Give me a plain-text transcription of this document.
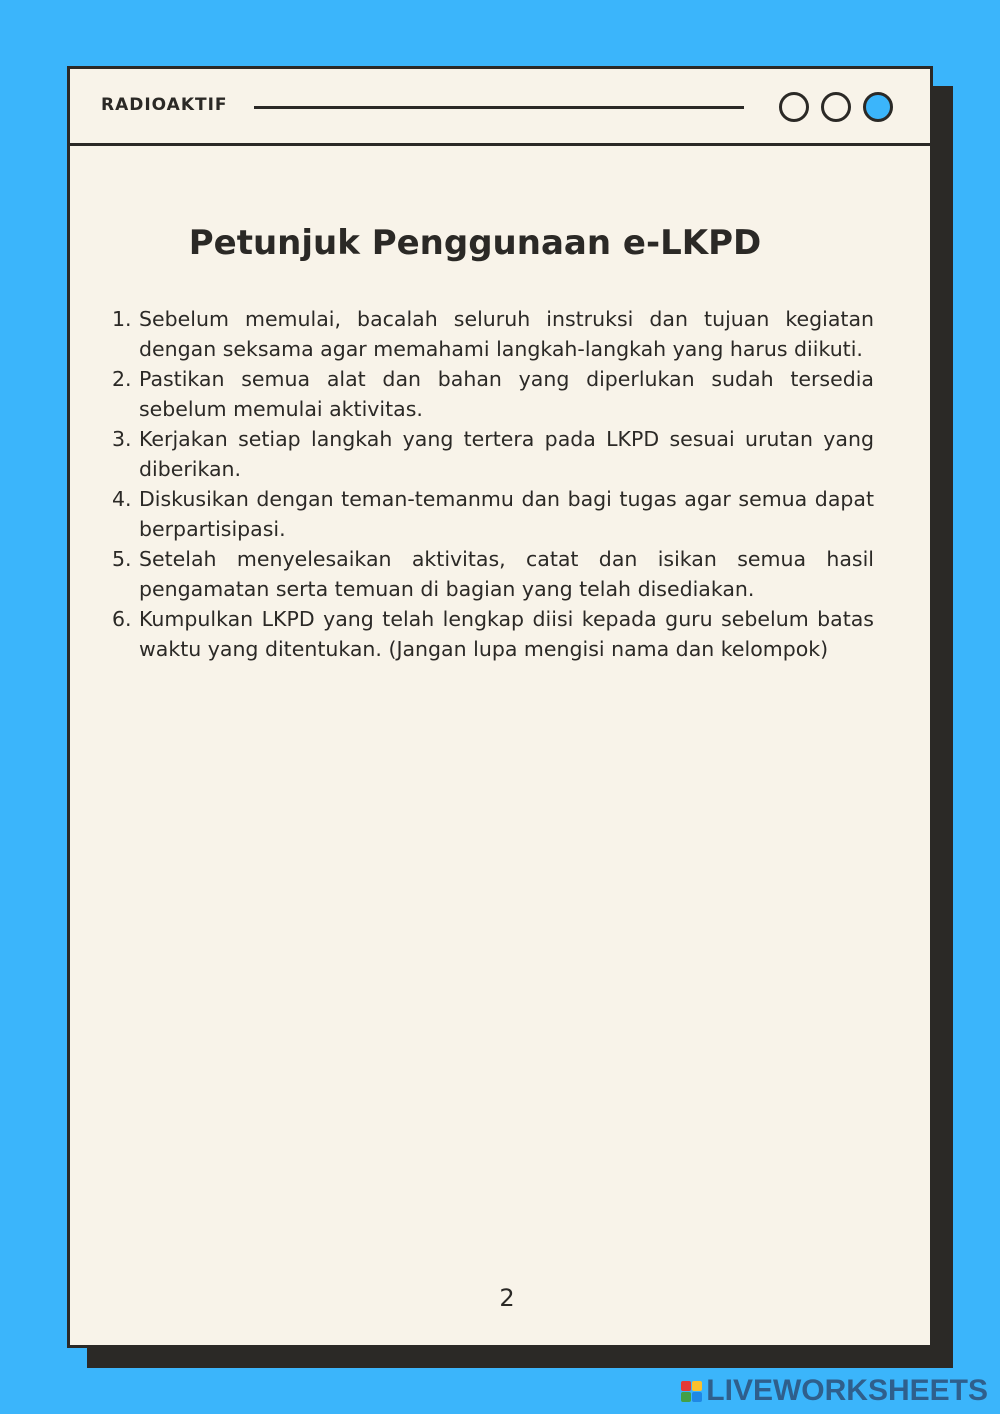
RADIOAKTIF
Petunjuk Penggunaan e-LKPD
1. Sebelum memulai, bacalah seluruh instruksi dan tujuan kegiatan dengan seksama agar memahami langkah-langkah yang harus diikuti.
2. Pastikan semua alat dan bahan yang diperlukan sudah tersedia sebelum memulai aktivitas.
3. Kerjakan setiap langkah yang tertera pada LKPD sesuai urutan yang diberikan.
4. Diskusikan dengan teman-temanmu dan bagi tugas agar semua dapat berpartisipasi.
5. Setelah menyelesaikan aktivitas, catat dan isikan semua hasil pengamatan serta temuan di bagian yang telah disediakan.
6. Kumpulkan LKPD yang telah lengkap diisi kepada guru sebelum batas waktu yang ditentukan. (Jangan lupa mengisi nama dan kelompok)
2
LIVEWORKSHEETS
